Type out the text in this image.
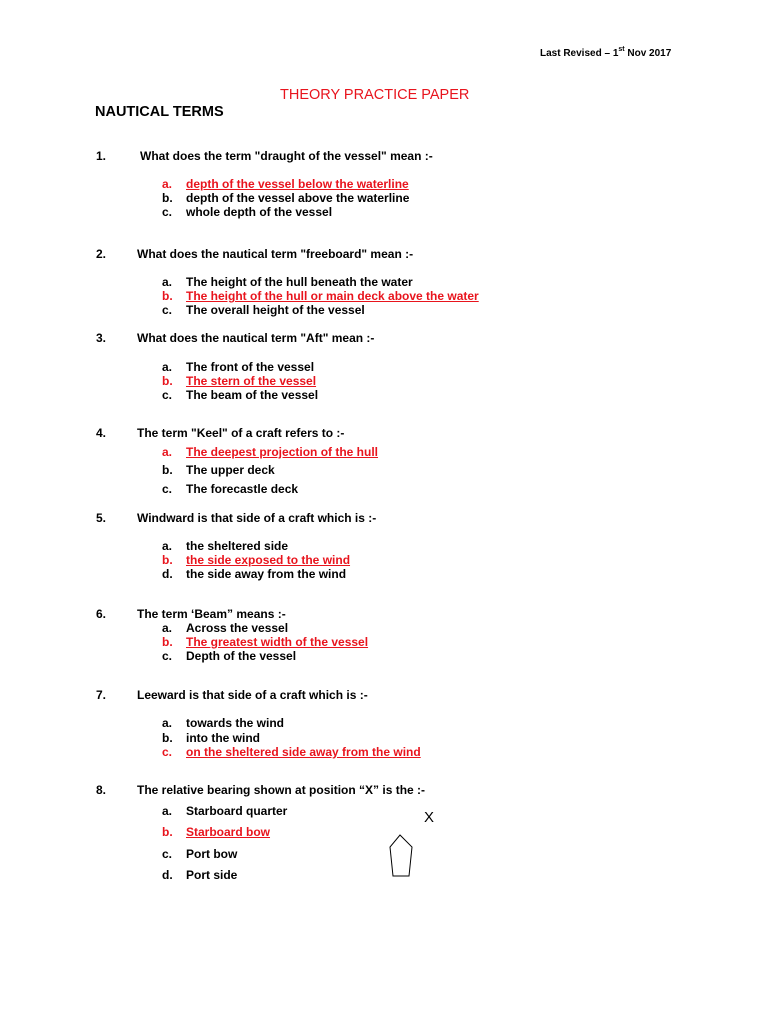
Last Revised – 1st Nov 2017
THEORY PRACTICE PAPER
NAUTICAL TERMS
1.	What does the term "draught of the vessel" mean :-
a. depth of the vessel below the waterline
b. depth of the vessel above the waterline
c. whole depth of the vessel
2.	What does the nautical term "freeboard" mean :-
a. The height of the hull beneath the water
b. The height of the hull or main deck above the water
c. The overall height of the vessel
3.	What does the nautical term "Aft" mean :-
a. The front of the vessel
b. The stern of the vessel
c. The beam of the vessel
4.	The term "Keel" of a craft refers to :-
a. The deepest projection of the hull
b. The upper deck
c. The forecastle deck
5.	Windward is that side of a craft which is :-
a. the sheltered side
b. the side exposed to the wind
d. the side away from the wind
6.	The term ‘Beam” means :-
a. Across the vessel
b. The greatest width of the vessel
c. Depth of the vessel
7.	Leeward is that side of a craft which is :-
a. towards the wind
b. into the wind
c. on the sheltered side away from the wind
8.	The relative bearing shown at position “X” is the :-
a. Starboard quarter
b. Starboard bow
c. Port bow
d. Port side
X
